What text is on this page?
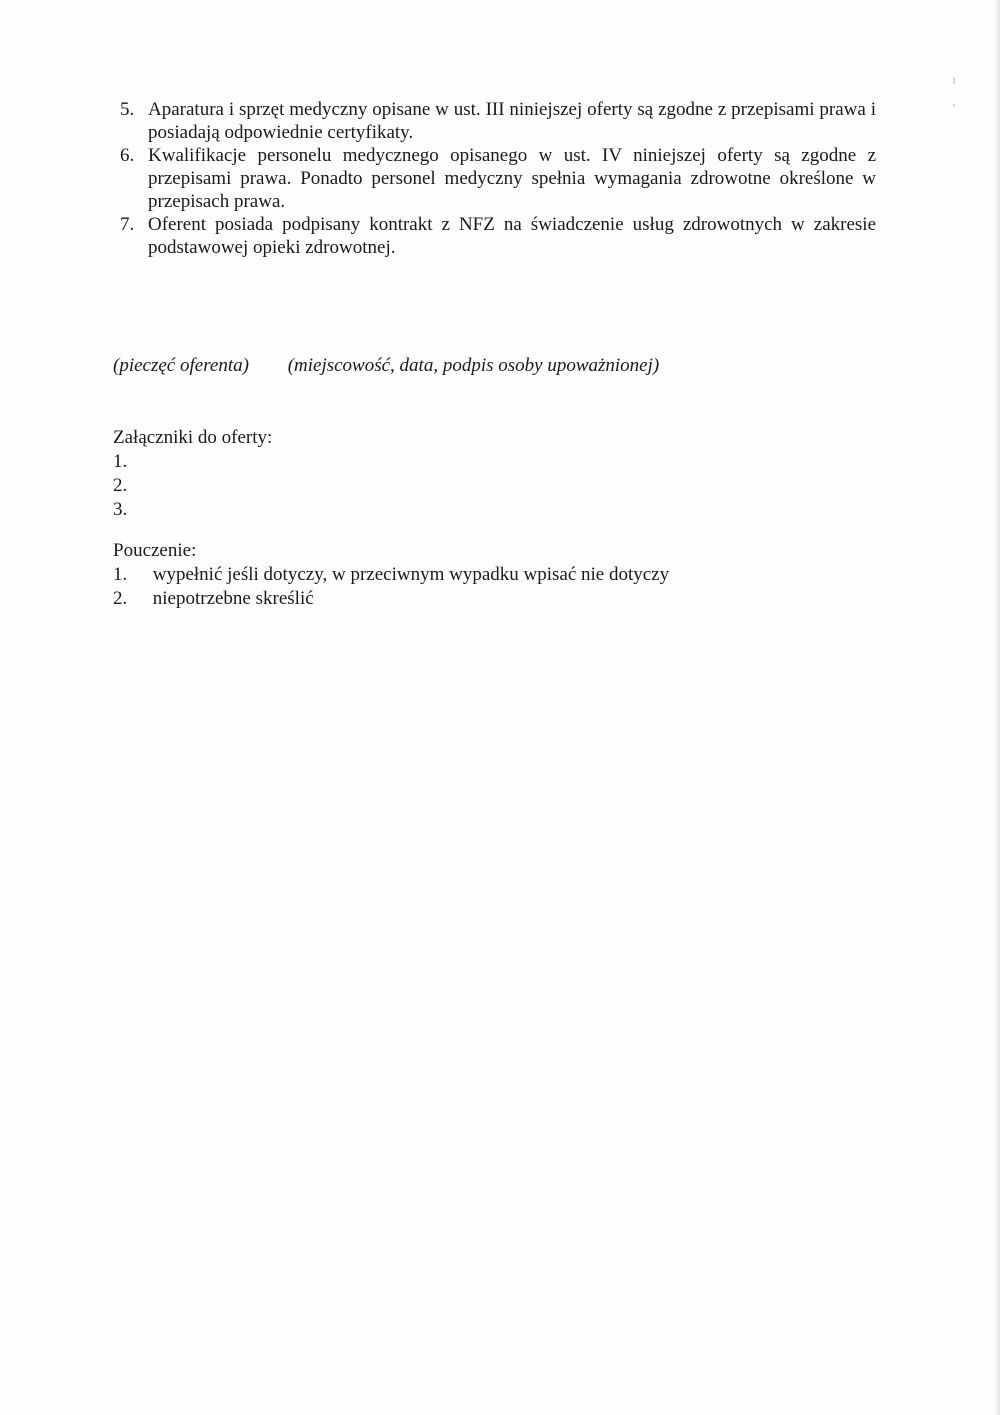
5. Aparatura i sprzęt medyczny opisane w ust. III niniejszej oferty są zgodne z przepisami prawa i posiadają odpowiednie certyfikaty.
6. Kwalifikacje personelu medycznego opisanego w ust. IV niniejszej oferty są zgodne z przepisami prawa. Ponadto personel medyczny spełnia wymagania zdrowotne określone w przepisach prawa.
7. Oferent posiada podpisany kontrakt z NFZ na świadczenie usług zdrowotnych w zakresie podstawowej opieki zdrowotnej.
(pieczęć oferenta) (miejscowość, data, podpis osoby upoważnionej)
Załączniki do oferty:
1.
2.
3.
Pouczenie:
1. wypełnić jeśli dotyczy, w przeciwnym wypadku wpisać nie dotyczy
2. niepotrzebne skreślić
